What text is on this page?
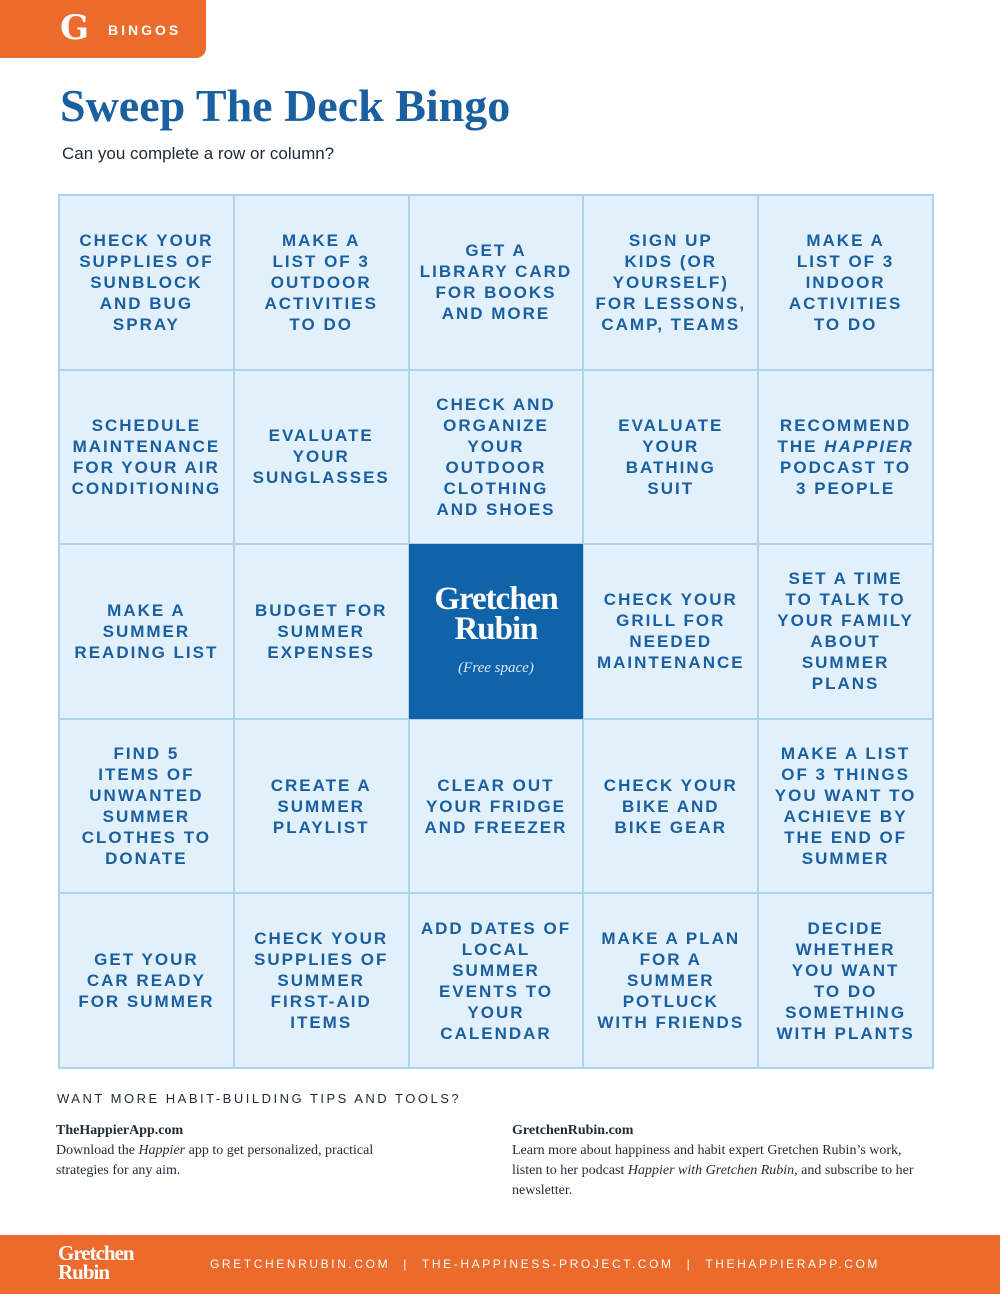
G BINGOS
Sweep The Deck Bingo

Can you complete a row or column?

CHECK YOUR
SUPPLIES OF
SUNBLOCK
AND BUG
SPRAY
MAKE A
LIST OF 3
OUTDOOR
ACTIVITIES
TO DO
GET A
LIBRARY CARD
FOR BOOKS
AND MORE
SIGN UP
KIDS (OR
YOURSELF)
FOR LESSONS,
CAMP, TEAMS
MAKE A
LIST OF 3
INDOOR
ACTIVITIES
TO DO
SCHEDULE
MAINTENANCE
FOR YOUR AIR
CONDITIONING
EVALUATE
YOUR
SUNGLASSES
CHECK AND
ORGANIZE
YOUR
OUTDOOR
CLOTHING
AND SHOES
EVALUATE
YOUR
BATHING
SUIT
RECOMMEND
THE HAPPIER
PODCAST TO
3 PEOPLE
MAKE A
SUMMER
READING LIST
BUDGET FOR
SUMMER
EXPENSES
Gretchen
Rubin
(Free space)
CHECK YOUR
GRILL FOR
NEEDED
MAINTENANCE
SET A TIME
TO TALK TO
YOUR FAMILY
ABOUT SUMMER
PLANS
FIND 5
ITEMS OF
UNWANTED
SUMMER
CLOTHES TO
DONATE
CREATE A
SUMMER
PLAYLIST
CLEAR OUT
YOUR FRIDGE
AND FREEZER
CHECK YOUR
BIKE AND
BIKE GEAR
MAKE A LIST
OF 3 THINGS
YOU WANT TO
ACHIEVE BY
THE END OF
SUMMER
GET YOUR
CAR READY
FOR SUMMER
CHECK YOUR
SUPPLIES OF
SUMMER
FIRST-AID
ITEMS
ADD DATES OF
LOCAL SUMMER
EVENTS TO
YOUR
CALENDAR
MAKE A PLAN
FOR A
SUMMER
POTLUCK
WITH FRIENDS
DECIDE
WHETHER
YOU WANT
TO DO
SOMETHING
WITH PLANTS

WANT MORE HABIT-BUILDING TIPS AND TOOLS?

TheHappierApp.com
Download the Happier app to get personalized, practical strategies for any aim.
GretchenRubin.com
Learn more about happiness and habit expert Gretchen Rubin’s work, listen to her podcast Happier with Gretchen Rubin, and subscribe to her newsletter.
Gretchen
Rubin	GRETCHENRUBIN.COM | THE-HAPPINESS-PROJECT.COM | THEHAPPIERAPP.COM
